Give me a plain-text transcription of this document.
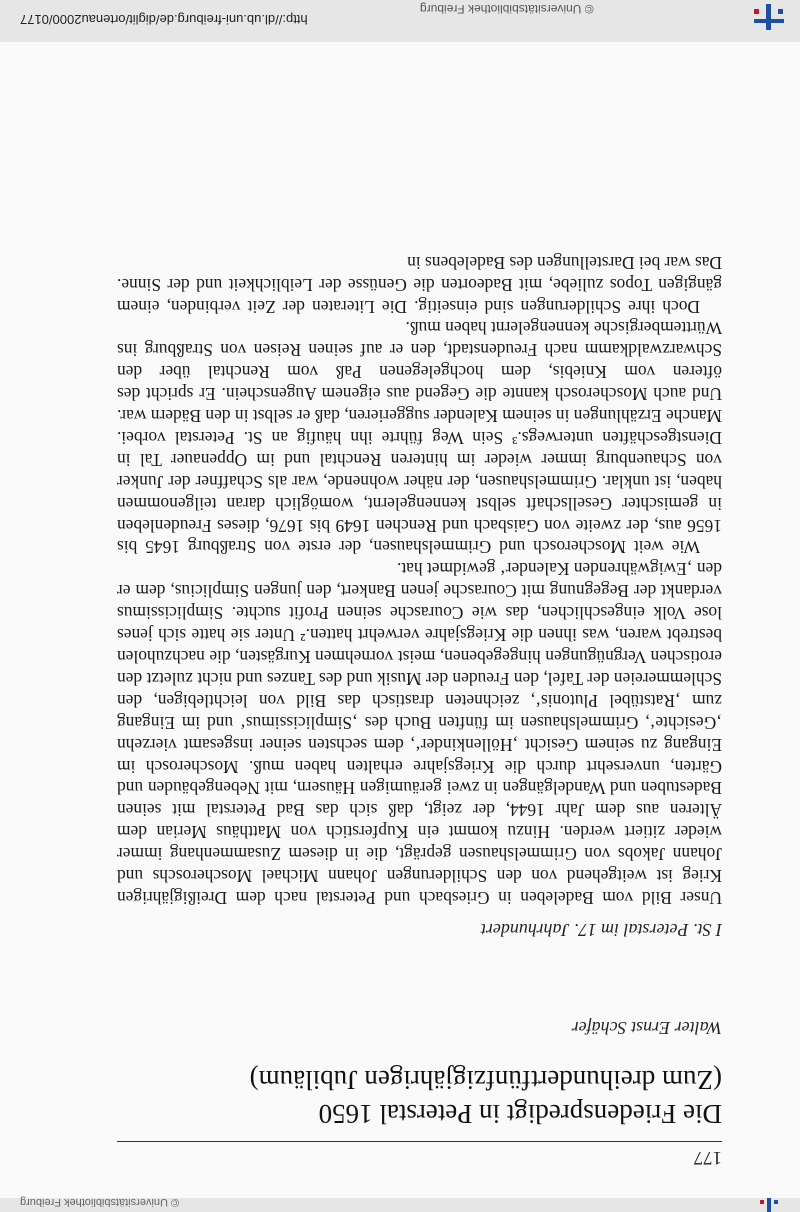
http://dl.ub.uni-freiburg.de/diglit/ortenau2000/0177
© Universitätsbibliothek Freiburg
177
Die Friedenspredigt in Peterstal 1650
(Zum dreihundertfünfzigjährigen Jubiläum)
Walter Ernst Schäfer
I St. Peterstal im 17. Jahrhundert

Unser Bild vom Badeleben in Griesbach und Peterstal nach dem Dreißigjährigen Krieg ist weitgehend von den Schilderungen Johann Michael Moscheroschs und Johann Jakobs von Grimmelshausen geprägt, die in diesem Zusammenhang immer wieder zitiert werden. Hinzu kommt ein Kupferstich von Matthäus Merian dem Älteren aus dem Jahr 1644, der zeigt, daß sich das Bad Peterstal mit seinen Badestuben und Wandelgängen in zwei geräumigen Häusern, mit Nebengebäuden und Gärten, unversehrt durch die Kriegsjahre erhalten haben muß. Moscherosch im Eingang zu seinem Gesicht ‚Höllenkinder‘, dem sechsten seiner insgesamt vierzehn ‚Gesichte‘, Grimmelshausen im fünften Buch des ‚Simplicissimus‘ und im Eingang zum ‚Ratstübel Plutonis‘, zeichneten drastisch das Bild von leichtlebigen, den Schlemmereien der Tafel, den Freuden der Musik und des Tanzes und nicht zuletzt den erotischen Vergnügungen hingegebenen, meist vornehmen Kurgästen, die nachzuholen bestrebt waren, was ihnen die Kriegsjahre verwehrt hatten.² Unter sie hatte sich jenes lose Volk eingeschlichen, das wie Courasche seinen Profit suchte. Simplicissimus verdankt der Begegnung mit Courasche jenen Bankert, den jungen Simplicius, dem er den ‚Ewigwährenden Kalender‘ gewidmet hat.

Wie weit Moscherosch und Grimmelshausen, der erste von Straßburg 1645 bis 1656 aus, der zweite von Gaisbach und Renchen 1649 bis 1676, dieses Freudenleben in gemischter Gesellschaft selbst kennengelernt, womöglich daran teilgenommen haben, ist unklar. Grimmelshausen, der näher wohnende, war als Schaffner der Junker von Schauenburg immer wieder im hinteren Renchtal und im Oppenauer Tal in Dienstgeschäften unterwegs.³ Sein Weg führte ihn häufig an St. Peterstal vorbei. Manche Erzählungen in seinem Kalender suggerieren, daß er selbst in den Bädern war. Und auch Moscherosch kannte die Gegend aus eigenem Augenschein. Er spricht des öfteren vom Kniebis, dem hochgelegenen Paß vom Renchtal über den Schwarzwaldkamm nach Freudenstadt, den er auf seinen Reisen von Straßburg ins Württembergische kennengelernt haben muß.

Doch ihre Schilderungen sind einseitig. Die Literaten der Zeit verbinden, einem gängigen Topos zuliebe, mit Badeorten die Genüsse der Leiblichkeit und der Sinne. Das war bei Darstellungen des Badelebens in

© Universitätsbibliothek Freiburg
